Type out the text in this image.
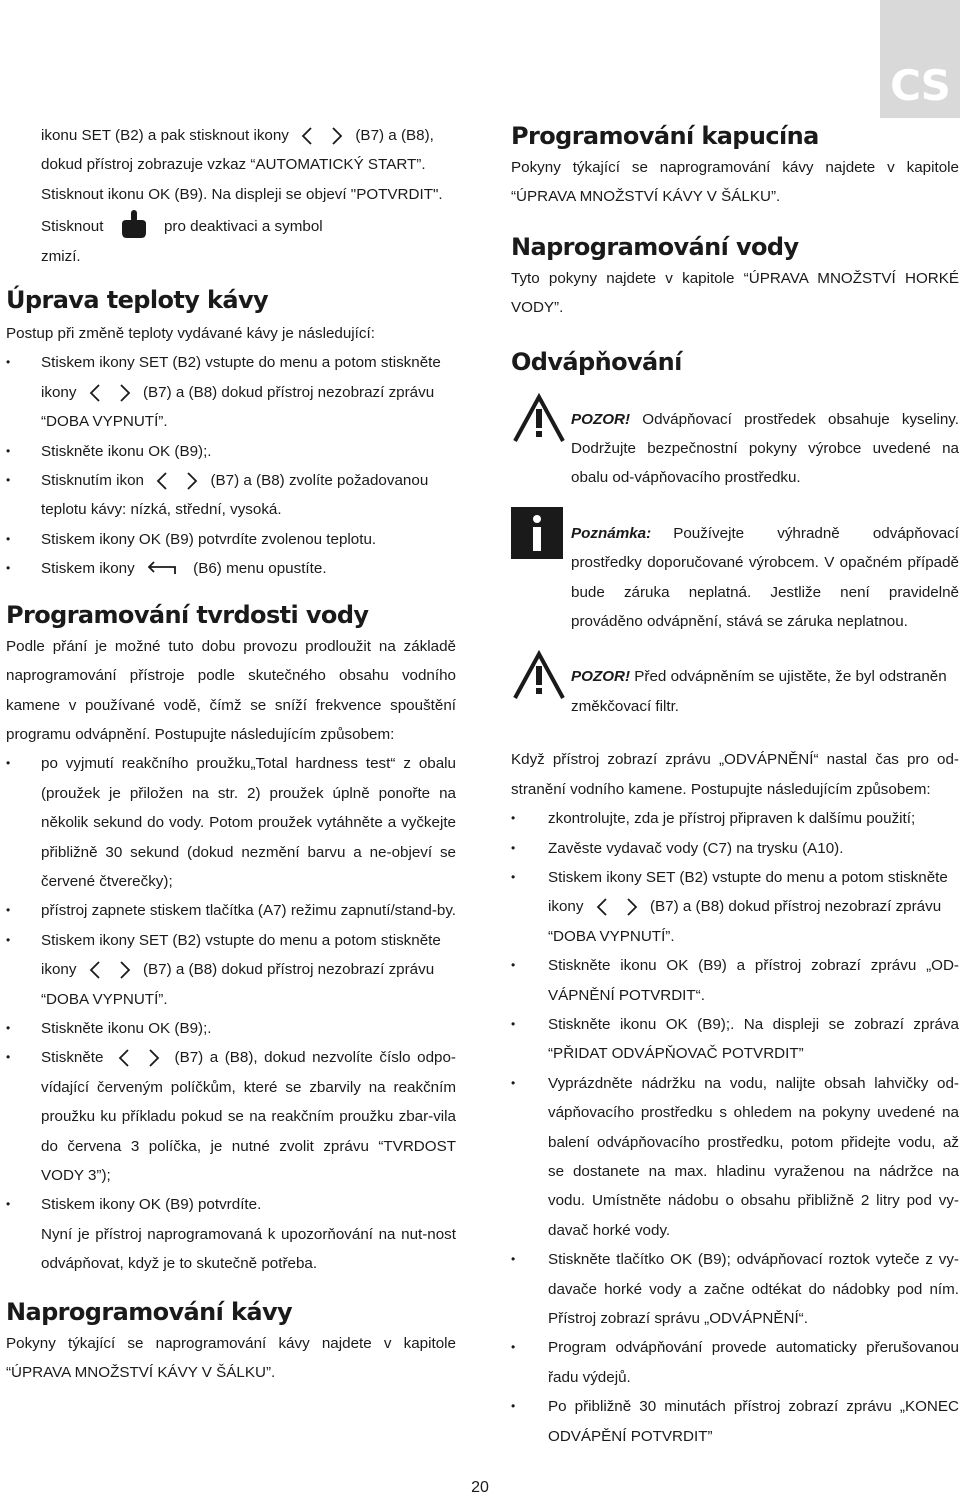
CS

ikonu SET (B2) a pak stisknout ikony	(B7) a (B8),

dokud přístroj zobrazuje vzkaz “AUTOMATICKÝ START”.

Stisknout ikonu OK (B9). Na displeji se objeví "POTVRDIT".

Stisknout	pro deaktivaci a symbol

zmizí.

Úprava teploty kávy

Postup při změně teploty vydávané kávy je následující:

• Stiskem ikony SET (B2) vstupte do menu a potom stiskněte
ikony	(B7) a (B8) dokud přístroj nezobrazí zprávu
“DOBA VYPNUTÍ”.
• Stiskněte ikonu OK (B9);.
• Stisknutím ikon	(B7) a (B8) zvolíte požadovanou
teplotu kávy: nízká, střední, vysoká.
• Stiskem ikony OK (B9) potvrdíte zvolenou teplotu.
• Stiskem ikony	(B6) menu opustíte.
Programování tvrdosti vody

Podle přání je možné tuto dobu provozu prodloužit na základě naprogramování přístroje podle skutečného obsahu vodního kamene v používané vodě, čímž se sníží frekvence spouštění programu odvápnění. Postupujte následujícím způsobem:

• po vyjmutí reakčního proužku„Total hardness test“ z obalu (proužek je přiložen na str. 2) proužek úplně ponořte na několik sekund do vody. Potom proužek vytáhněte a vyčkejte přibližně 30 sekund (dokud nezmění barvu a ne-objeví se červené čtverečky);
• přístroj zapnete stiskem tlačítka (A7) režimu zapnutí/stand-by.
• Stiskem ikony SET (B2) vstupte do menu a potom stiskněte
ikony	(B7) a (B8) dokud přístroj nezobrazí zprávu
“DOBA VYPNUTÍ”.
• Stiskněte ikonu OK (B9);.
• Stiskněte	(B7) a (B8), dokud nezvolíte číslo odpo-vídající červeným políčkům, které se zbarvily na reakčním proužku ku příkladu pokud se na reakčním proužku zbar-vila do červena 3 políčka, je nutné zvolit zprávu “TVRDOST VODY 3”);
• Stiskem ikony OK (B9) potvrdíte.

Nyní je přístroj naprogramovaná k upozorňování na nut-nost odvápňovat, když je to skutečně potřeba.

Naprogramování kávy

Pokyny týkající se naprogramování kávy najdete v kapitole “ÚPRAVA MNOŽSTVÍ KÁVY V ŠÁLKU”.

Programování kapucína

Pokyny týkající se naprogramování kávy najdete v kapitole “ÚPRAVA MNOŽSTVÍ KÁVY V ŠÁLKU”.

Naprogramování vody

Tyto pokyny najdete v kapitole “ÚPRAVA MNOŽSTVÍ HORKÉ VODY”.

Odvápňování

POZOR! Odvápňovací prostředek obsahuje kyseliny. Dodržujte bezpečnostní pokyny výrobce uvedené na obalu od-vápňovacího prostředku.

Poznámka: Používejte výhradně odvápňovací prostředky doporučované výrobcem. V opačném případě bude záruka neplatná. Jestliže není pravidelně prováděno odvápnění, stává se záruka neplatnou.

POZOR! Před odvápněním se ujistěte, že byl odstraněn změkčovací filtr.

Když přístroj zobrazí zprávu „ODVÁPNĚNÍ“ nastal čas pro od-stranění vodního kamene. Postupujte následujícím způsobem:

• zkontrolujte, zda je přístroj připraven k dalšímu použití;
• Zavěste vydavač vody (C7) na trysku (A10).
• Stiskem ikony SET (B2) vstupte do menu a potom stiskněte
ikony	(B7) a (B8) dokud přístroj nezobrazí zprávu
“DOBA VYPNUTÍ”.
• Stiskněte ikonu OK (B9) a přístroj zobrazí zprávu „OD-VÁPNĚNÍ POTVRDIT“.
• Stiskněte ikonu OK (B9);. Na displeji se zobrazí zpráva “PŘIDAT ODVÁPŇOVAČ POTVRDIT”
• Vyprázdněte nádržku na vodu, nalijte obsah lahvičky od-vápňovacího prostředku s ohledem na pokyny uvedené na balení odvápňovacího prostředku, potom přidejte vodu, až se dostanete na max. hladinu vyraženou na nádržce na vodu. Umístněte nádobu o obsahu přibližně 2 litry pod vy-davač horké vody.
• Stiskněte tlačítko OK (B9); odvápňovací roztok vyteče z vy-davače horké vody a začne odtékat do nádobky pod ním. Přístroj zobrazí správu „ODVÁPNĚNÍ“.
• Program odvápňování provede automaticky přerušovanou řadu výdejů.
• Po přibližně 30 minutách přístroj zobrazí zprávu „KONEC ODVÁPĚNÍ POTVRDIT”
20
